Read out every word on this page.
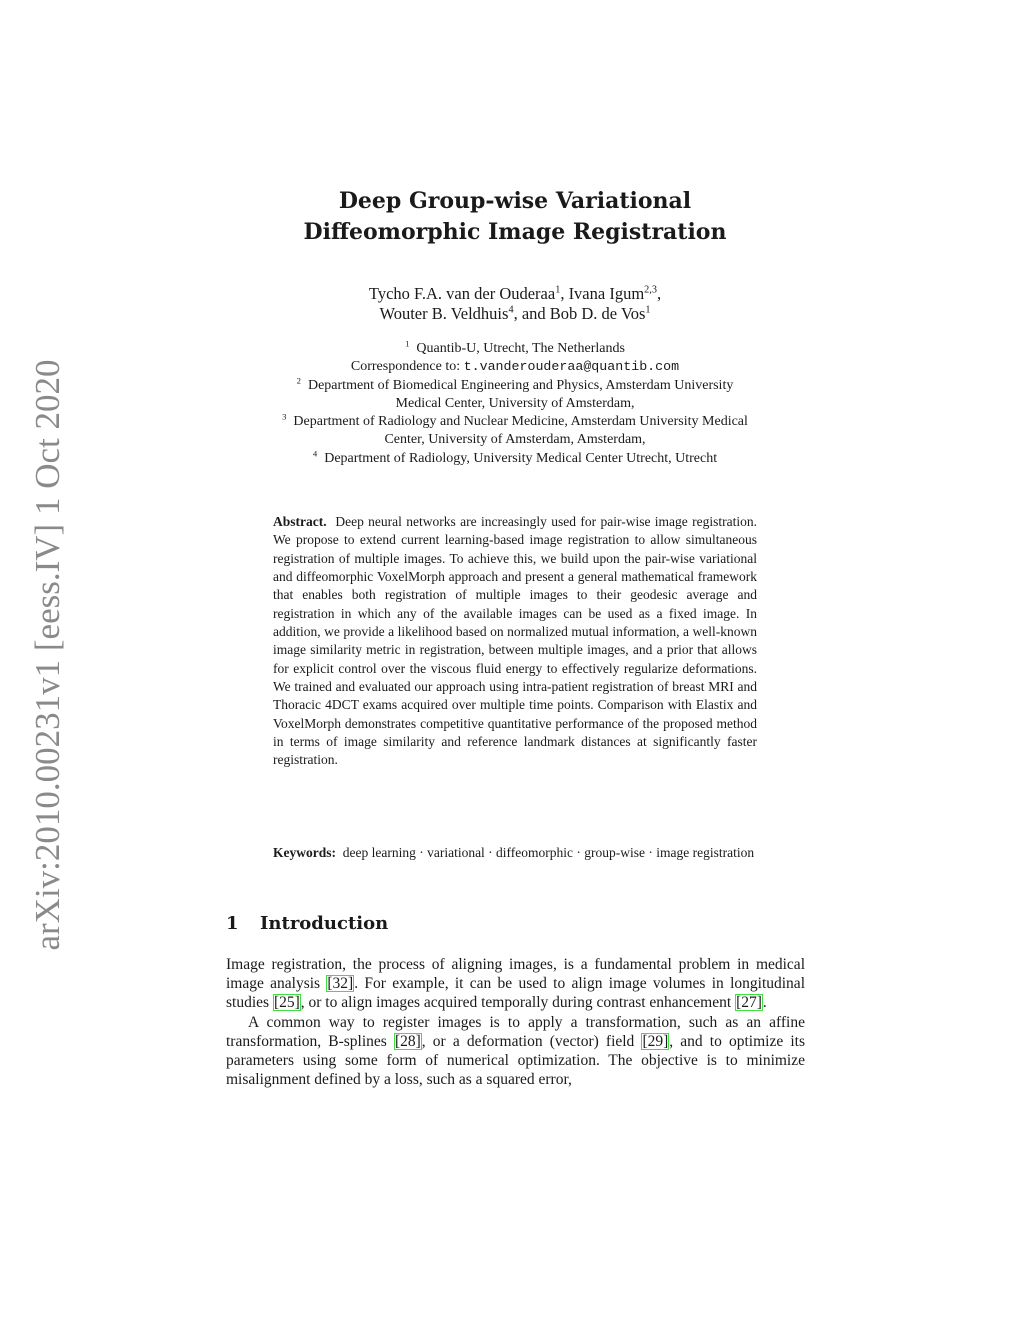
arXiv:2010.00231v1 [eess.IV] 1 Oct 2020
Deep Group-wise Variational
Diffeomorphic Image Registration
Tycho F.A. van der Ouderaa$^1$, Ivana Igum$^{2,3}$,
Wouter B. Veldhuis$^4$, and Bob D. de Vos$^1$
$^1$ Quantib-U, Utrecht, The Netherlands
Correspondence to: t.vanderouderaa@quantib.com
$^2$ Department of Biomedical Engineering and Physics, Amsterdam University
Medical Center, University of Amsterdam,
$^3$ Department of Radiology and Nuclear Medicine, Amsterdam University Medical
Center, University of Amsterdam, Amsterdam,
$^4$ Department of Radiology, University Medical Center Utrecht, Utrecht

Abstract. Deep neural networks are increasingly used for pair-wise image registration. We propose to extend current learning-based image registration to allow simultaneous registration of multiple images. To achieve this, we build upon the pair-wise variational and diffeomorphic VoxelMorph approach and present a general mathematical framework that enables both registration of multiple images to their geodesic average and registration in which any of the available images can be used as a fixed image. In addition, we provide a likelihood based on normalized mutual information, a well-known image similarity metric in registration, between multiple images, and a prior that allows for explicit control over the viscous fluid energy to effectively regularize deformations. We trained and evaluated our approach using intra-patient registration of breast MRI and Thoracic 4DCT exams acquired over multiple time points. Comparison with Elastix and VoxelMorph demonstrates competitive quantitative performance of the proposed method in terms of image similarity and reference landmark distances at significantly faster registration.

Keywords: deep learning · variational · diffeomorphic · group-wise · image registration

1 Introduction

Image registration, the process of aligning images, is a fundamental problem in medical image analysis [32]. For example, it can be used to align image volumes in longitudinal studies [25], or to align images acquired temporally during contrast enhancement [27].

A common way to register images is to apply a transformation, such as an affine transformation, B-splines [28], or a deformation (vector) field [29], and to optimize its parameters using some form of numerical optimization. The objective is to minimize misalignment defined by a loss, such as a squared error,
